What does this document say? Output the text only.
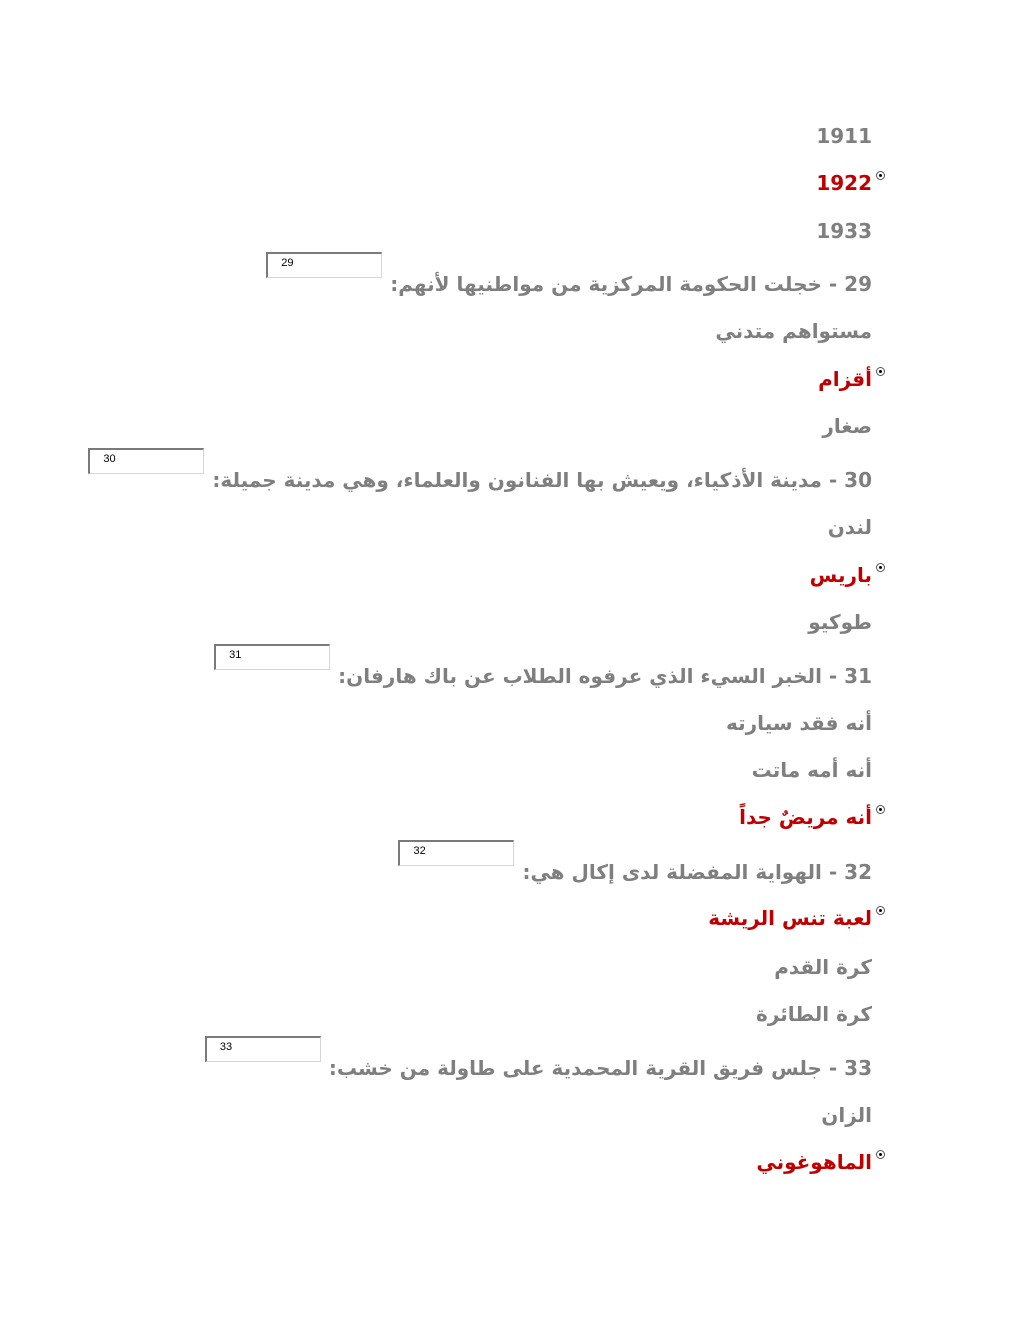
1911
1922
1933
29 - خجلت الحكومة المركزية من مواطنيها لأنهم:
29
مستواهم متدني
أقزام
صغار
30 - مدينة الأذكياء، ويعيش بها الفنانون والعلماء، وهي مدينة جميلة:
30
لندن
باريس
طوكيو
31 - الخبر السيء الذي عرفوه الطلاب عن باك هارفان:
31
أنه فقد سيارته
أنه أمه ماتت
أنه مريضٌ جداً
32 - الهواية المفضلة لدى إكال هي:
32
لعبة تنس الريشة
كرة القدم
كرة الطائرة
33 - جلس فريق القرية المحمدية على طاولة من خشب:
33
الزان
الماهوغوني
